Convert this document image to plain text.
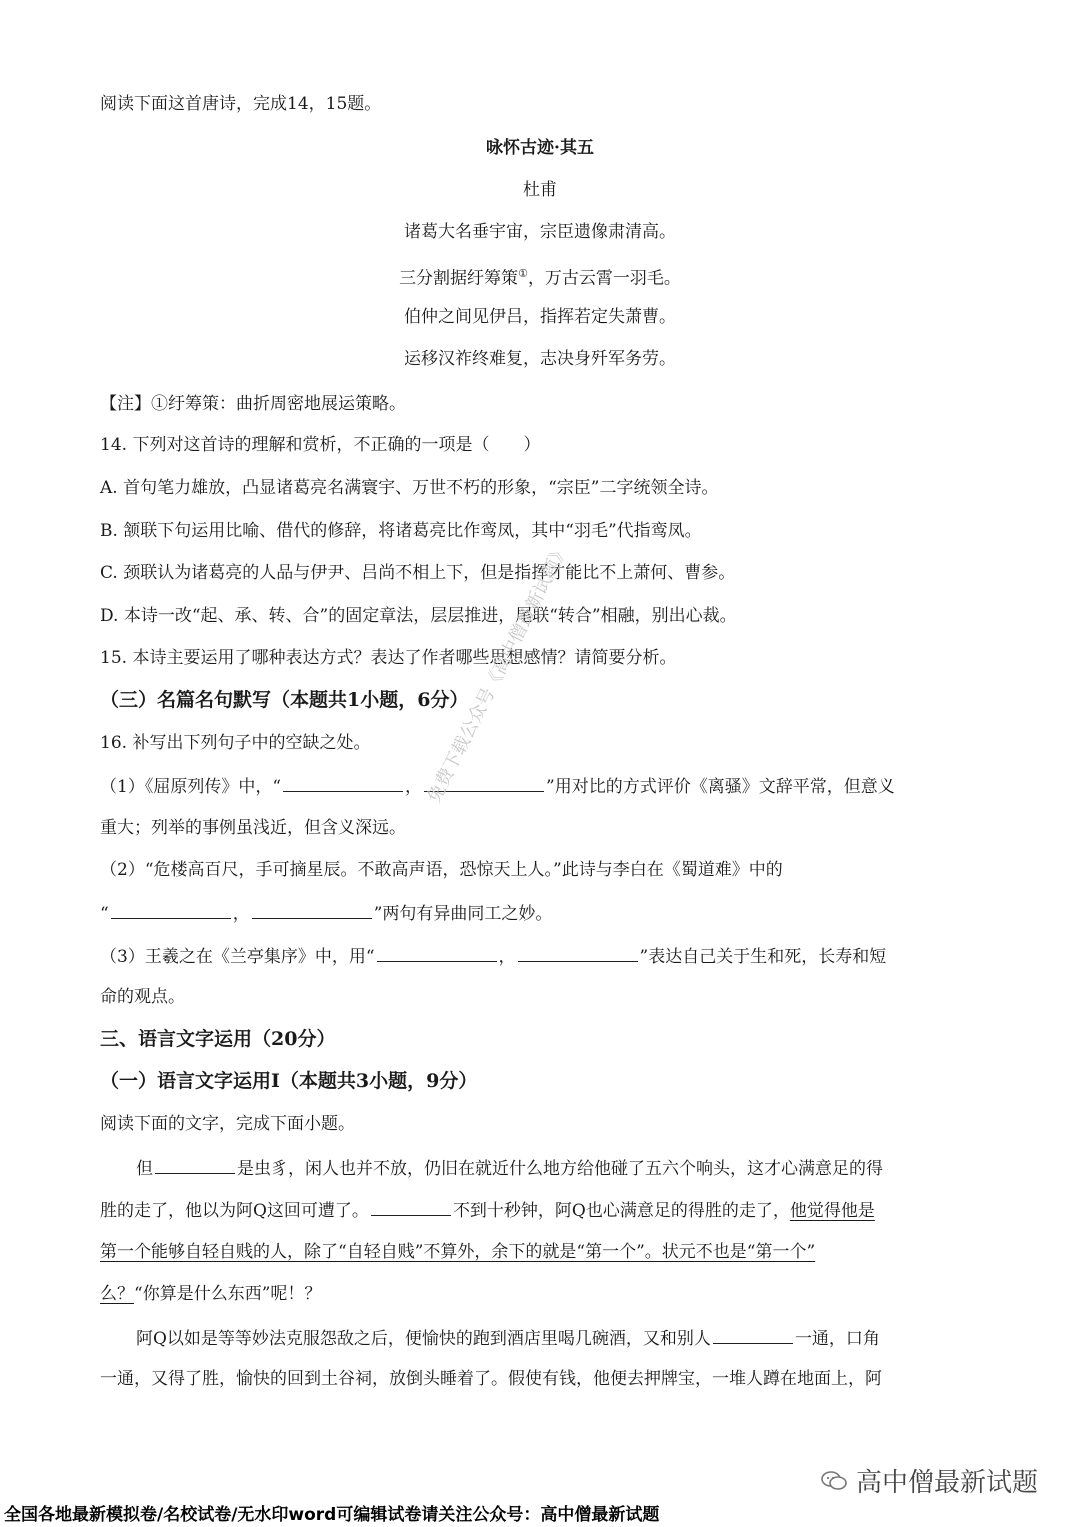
阅读下面这首唐诗，完成14，15题。
咏怀古迹·其五
杜甫
诸葛大名垂宇宙，宗臣遗像肃清高。
三分割据纡筹策①，万古云霄一羽毛。
伯仲之间见伊吕，指挥若定失萧曹。
运移汉祚终难复，志决身歼军务劳。
【注】①纡筹策：曲折周密地展运策略。
14. 下列对这首诗的理解和赏析，不正确的一项是（　　）
A. 首句笔力雄放，凸显诸葛亮名满寰宇、万世不朽的形象，“宗臣”二字统领全诗。
B. 颔联下句运用比喻、借代的修辞，将诸葛亮比作鸾凤，其中“羽毛”代指鸾凤。
C. 颈联认为诸葛亮的人品与伊尹、吕尚不相上下，但是指挥才能比不上萧何、曹参。
D. 本诗一改“起、承、转、合”的固定章法，层层推进，尾联“转合”相融，别出心裁。
15. 本诗主要运用了哪种表达方式？表达了作者哪些思想感情？请简要分析。
（三）名篇名句默写（本题共1小题，6分）
16. 补写出下列句子中的空缺之处。
（1）《屈原列传》中，“	，	”用对比的方式评价《离骚》文辞平常，但意义
重大；列举的事例虽浅近，但含义深远。
（2）“危楼高百尺，手可摘星辰。不敢高声语，恐惊天上人。”此诗与李白在《蜀道难》中的
“	，	”两句有异曲同工之妙。
（3）王羲之在《兰亭集序》中，用“	，	”表达自己关于生和死，长寿和短
命的观点。
三、语言文字运用（20分）
（一）语言文字运用Ⅰ（本题共3小题，9分）
阅读下面的文字，完成下面小题。
但	是虫豸，闲人也并不放，仍旧在就近什么地方给他碰了五六个响头，这才心满意足的得
胜的走了，他以为阿Q这回可遭了。	不到十秒钟，阿Q也心满意足的得胜的走了，他觉得他是
第一个能够自轻自贱的人，除了“自轻自贱”不算外，余下的就是“第一个”。状元不也是“第一个”
么？“你算是什么东西”呢！？
阿Q以如是等等妙法克服怨敌之后，便愉快的跑到酒店里喝几碗酒，又和别人	一通，口角
一通，又得了胜，愉快的回到土谷祠，放倒头睡着了。假使有钱，他便去押牌宝，一堆人蹲在地面上，阿
免费下载公众号《高中僧最新试题》
高中僧最新试题
全国各地最新模拟卷/名校试卷/无水印word可编辑试卷请关注公众号：高中僧最新试题
